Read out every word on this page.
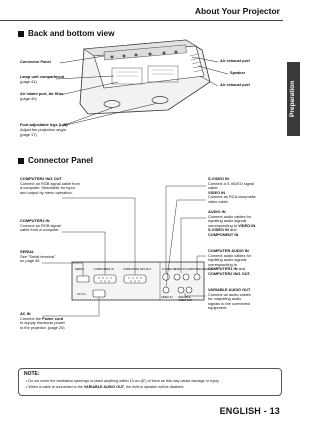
About Your Projector
Preparation
Back and bottom view
Connector Panel
Lamp unit compartment
(page 41)
Air intake port, Air filter
(page 40)
Foot adjustable legs (L/R)
Adjust the projection angle.
(page 17)
Air exhaust port
Speaker
Air exhaust port
Connector Panel
COMPUTER2 IN/1 OUT
Connect an RGB signal cable from
a computer. Selectable for input
and output by menu operation.
COMPUTER1 IN
Connect an RGB signal
cable from a computer.
SERIAL
See "Serial terminal"
on page 45.
AC IN
Connect the Power cord
to supply electronic power
to the projector. (page 20)
S-VIDEO IN
Connect a S-VIDEO signal
cable.
VIDEO IN
Connect an RCA composite
video cable.
AUDIO IN
Connect audio cables for
inputting audio signals
corresponding to VIDEO IN,
S-VIDEO IN and
COMPONENT IN
COMPUTER AUDIO IN
Connect audio cables for
inputting audio signals
corresponding to
COMPUTER1 IN and
COMPUTER2 IN/1 OUT.
VARIABLE AUDIO OUT
Connect an audio cables
for outputting audio
signals to the connected
equipment.
SERIAL	COMPUTER1 IN	COMPUTER2 IN/1 OUT	S-VIDEO IN
AUDIO IN COMPUTER AUDIO IN
VIDEO IN VARIABLE AUDIO OUT
AC IN ~
NOTE:
• Do not cover the ventilation openings or place anything within 15 cm (6") of them as this may cause damage or injury.
• When a cable is connected to the VARIABLE AUDIO OUT, the built-in speaker will be disabled.
ENGLISH - 13
